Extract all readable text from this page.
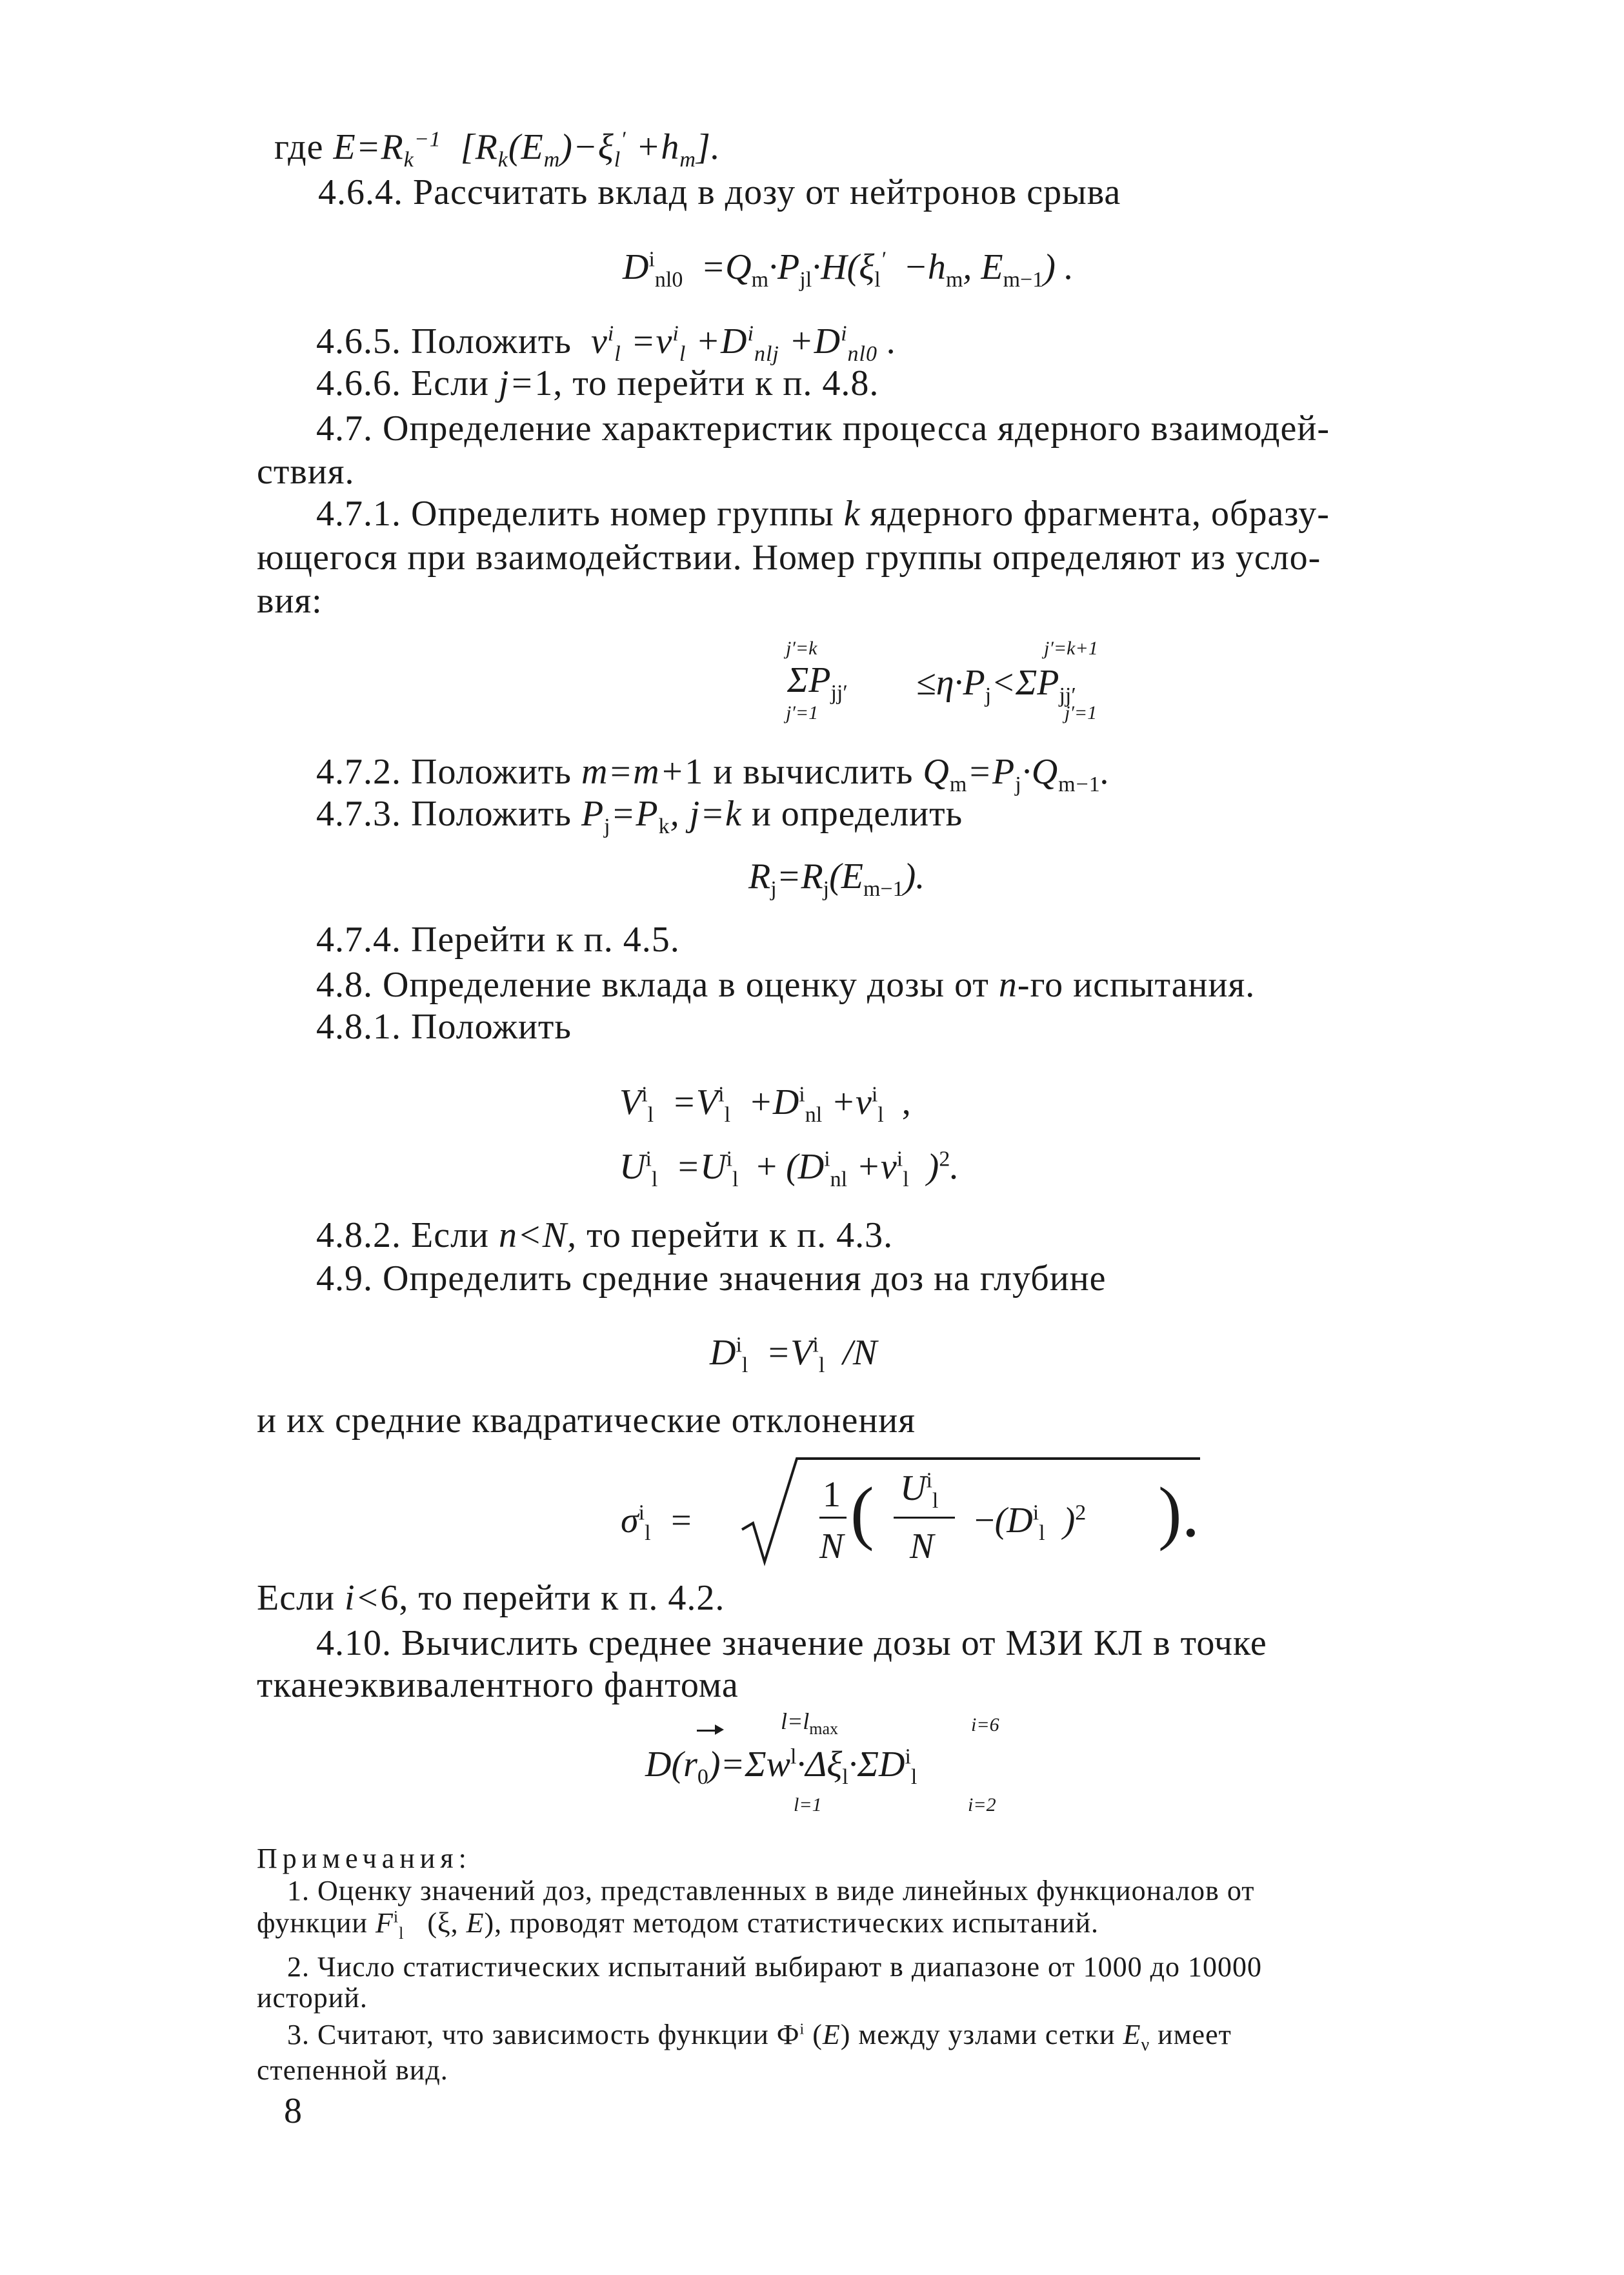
где $E=R_k^{-1}$  $[R_k(E_m)-\xi_l' +h_m]$.
4.6.4. Рассчитать вклад в дозу от нейтронов срыва
$D^i_{nl0} =Q_m\cdot P_{jl}\cdot H(\xi_l' -h_m$, $E_{m-1}$) .
4.6.5. Положить  $v^i_l =v^i_l +D^i_{nlj} +D^i_{nl0}$ .
4.6.6. Если j=1, то перейти к п. 4.8.
4.7. Определение характеристик процесса ядерного взаимодей-
ствия.
4.7.1. Определить номер группы k ядерного фрагмента, образу-
ющегося при взаимодействии. Номер группы определяют из усло-
вия:
j′=k
$\Sigma P_{jj'}$
j′=1
$\le\eta\cdot P_j<\Sigma P_{jj'}$
j′=k+1
j′=1
4.7.2. Положить m=m+1 и вычислить $Q_m=P_j\cdot Q_{m-1}$.
4.7.3. Положить $P_j=P_k$, j=k и определить
$R_j=R_j(E_{m-1})$.
4.7.4. Перейти к п. 4.5.
4.8. Определение вклада в оценку дозы от n-го испытания.
4.8.1. Положить
$V^i_l =V^i_l +D^i_{nl} +v^i_l$ ,
$U^i_l =U^i_l + (D^i_{nl} +v^i_l$  )$^2$.
4.8.2. Если n<N, то перейти к п. 4.3.
4.9. Определить средние значения доз на глубине
$D^i_l =V^i_l$  /N
и их средние квадратические отклонения
$\sigma^i_l$  =
1
N ( $U^i_l$
N
$-(D^i_l$  )$^2$ ).
Если i<6, то перейти к п. 4.2.
4.10. Вычислить среднее значение дозы от МЗИ КЛ в точке
тканеэквивалентного фантома
$l=l_{max}$	i=6
$D(r_0)=\Sigma w^l\cdot\Delta\xi_l\cdot\Sigma D^i_l$
l=1	i=2
Примечания:
1. Оценку значений доз, представленных в виде линейных функционалов от
функции $F^i_l$   (ξ, E), проводят методом статистических испытаний.
2. Число статистических испытаний выбирают в диапазоне от 1000 до 10000
историй.
3. Считают, что зависимость функции $Ф^i$ (E) между узлами сетки $E_\nu$ имеет
степенной вид.
8
